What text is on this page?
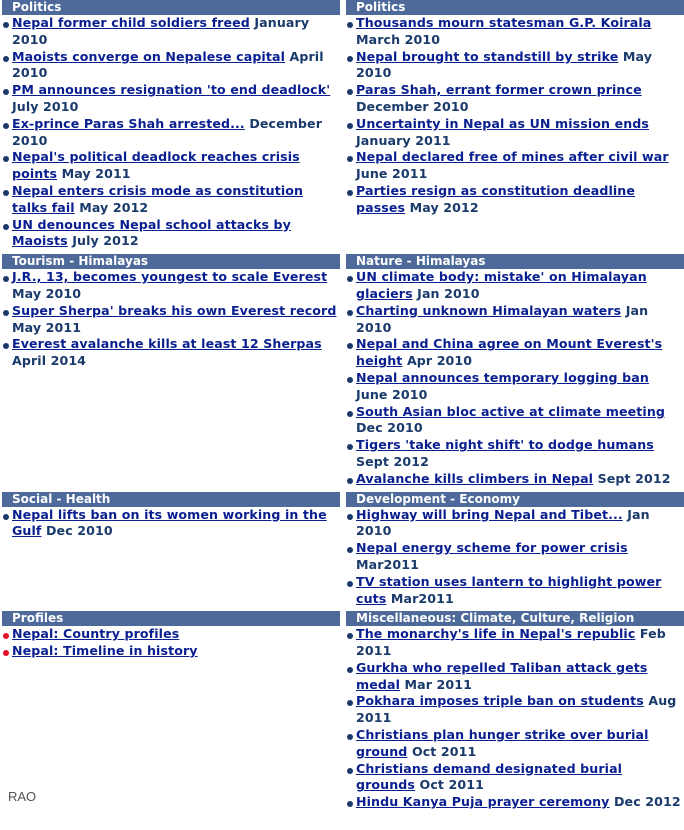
Politics
Nepal former child soldiers freed January 2010
Maoists converge on Nepalese capital April 2010
PM announces resignation 'to end deadlock' July 2010
Ex-prince Paras Shah arrested... December 2010
Nepal's political deadlock reaches crisis points May 2011
Nepal enters crisis mode as constitution talks fail May 2012
UN denounces Nepal school attacks by Maoists July 2012
Politics
Thousands mourn statesman G.P. Koirala March 2010
Nepal brought to standstill by strike May 2010
Paras Shah, errant former crown prince December 2010
Uncertainty in Nepal as UN mission ends January 2011
Nepal declared free of mines after civil war June 2011
Parties resign as constitution deadline passes May 2012
Tourism - Himalayas
J.R., 13, becomes youngest to scale Everest May 2010
Super Sherpa' breaks his own Everest record May 2011
Everest avalanche kills at least 12 Sherpas April 2014
Nature - Himalayas
UN climate body: mistake' on Himalayan glaciers Jan 2010
Charting unknown Himalayan waters Jan 2010
Nepal and China agree on Mount Everest's height Apr 2010
Nepal announces temporary logging ban June 2010
South Asian bloc active at climate meeting Dec 2010
Tigers 'take night shift' to dodge humans Sept 2012
Avalanche kills climbers in Nepal Sept 2012
Social - Health
Nepal lifts ban on its women working in the Gulf Dec 2010
Development - Economy
Highway will bring Nepal and Tibet... Jan 2010
Nepal energy scheme for power crisis Mar2011
TV station uses lantern to highlight power cuts Mar2011
Profiles
Nepal: Country profiles
Nepal: Timeline in history
Miscellaneous: Climate, Culture, Religion
The monarchy's life in Nepal's republic Feb 2011
Gurkha who repelled Taliban attack gets medal Mar 2011
Pokhara imposes triple ban on students Aug 2011
Christians plan hunger strike over burial ground Oct 2011
Christians demand designated burial grounds Oct 2011
Hindu Kanya Puja prayer ceremony Dec 2012
RAO
